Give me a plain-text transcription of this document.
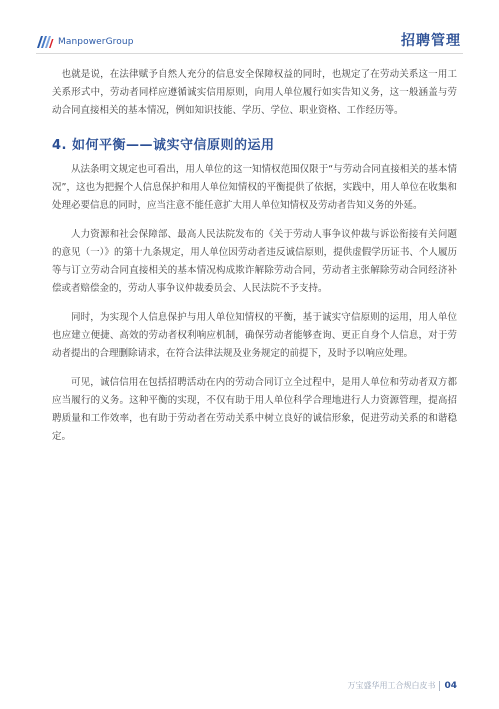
ManpowerGroup	招聘管理

也就是说，在法律赋予自然人充分的信息安全保障权益的同时，也规定了在劳动关系这一用工关系形式中，劳动者同样应遵循诚实信用原则，向用人单位履行如实告知义务，这一般涵盖与劳动合同直接相关的基本情况，例如知识技能、学历、学位、职业资格、工作经历等。

4. 如何平衡——诚实守信原则的运用

从法条明文规定也可看出，用人单位的这一知情权范围仅限于“与劳动合同直接相关的基本情况”，这也为把握个人信息保护和用人单位知情权的平衡提供了依据，实践中，用人单位在收集和处理必要信息的同时，应当注意不能任意扩大用人单位知情权及劳动者告知义务的外延。

人力资源和社会保障部、最高人民法院发布的《关于劳动人事争议仲裁与诉讼衔接有关问题的意见（一）》的第十九条规定，用人单位因劳动者违反诚信原则，提供虚假学历证书、个人履历等与订立劳动合同直接相关的基本情况构成欺诈解除劳动合同，劳动者主张解除劳动合同经济补偿或者赔偿金的，劳动人事争议仲裁委员会、人民法院不予支持。

同时，为实现个人信息保护与用人单位知情权的平衡，基于诚实守信原则的运用，用人单位也应建立便捷、高效的劳动者权利响应机制，确保劳动者能够查询、更正自身个人信息，对于劳动者提出的合理删除请求，在符合法律法规及业务规定的前提下，及时予以响应处理。

可见，诚信信用在包括招聘活动在内的劳动合同订立全过程中，是用人单位和劳动者双方都应当履行的义务。这种平衡的实现，不仅有助于用人单位科学合理地进行人力资源管理，提高招聘质量和工作效率，也有助于劳动者在劳动关系中树立良好的诚信形象，促进劳动关系的和谐稳定。

万宝盛华用工合规白皮书 04
